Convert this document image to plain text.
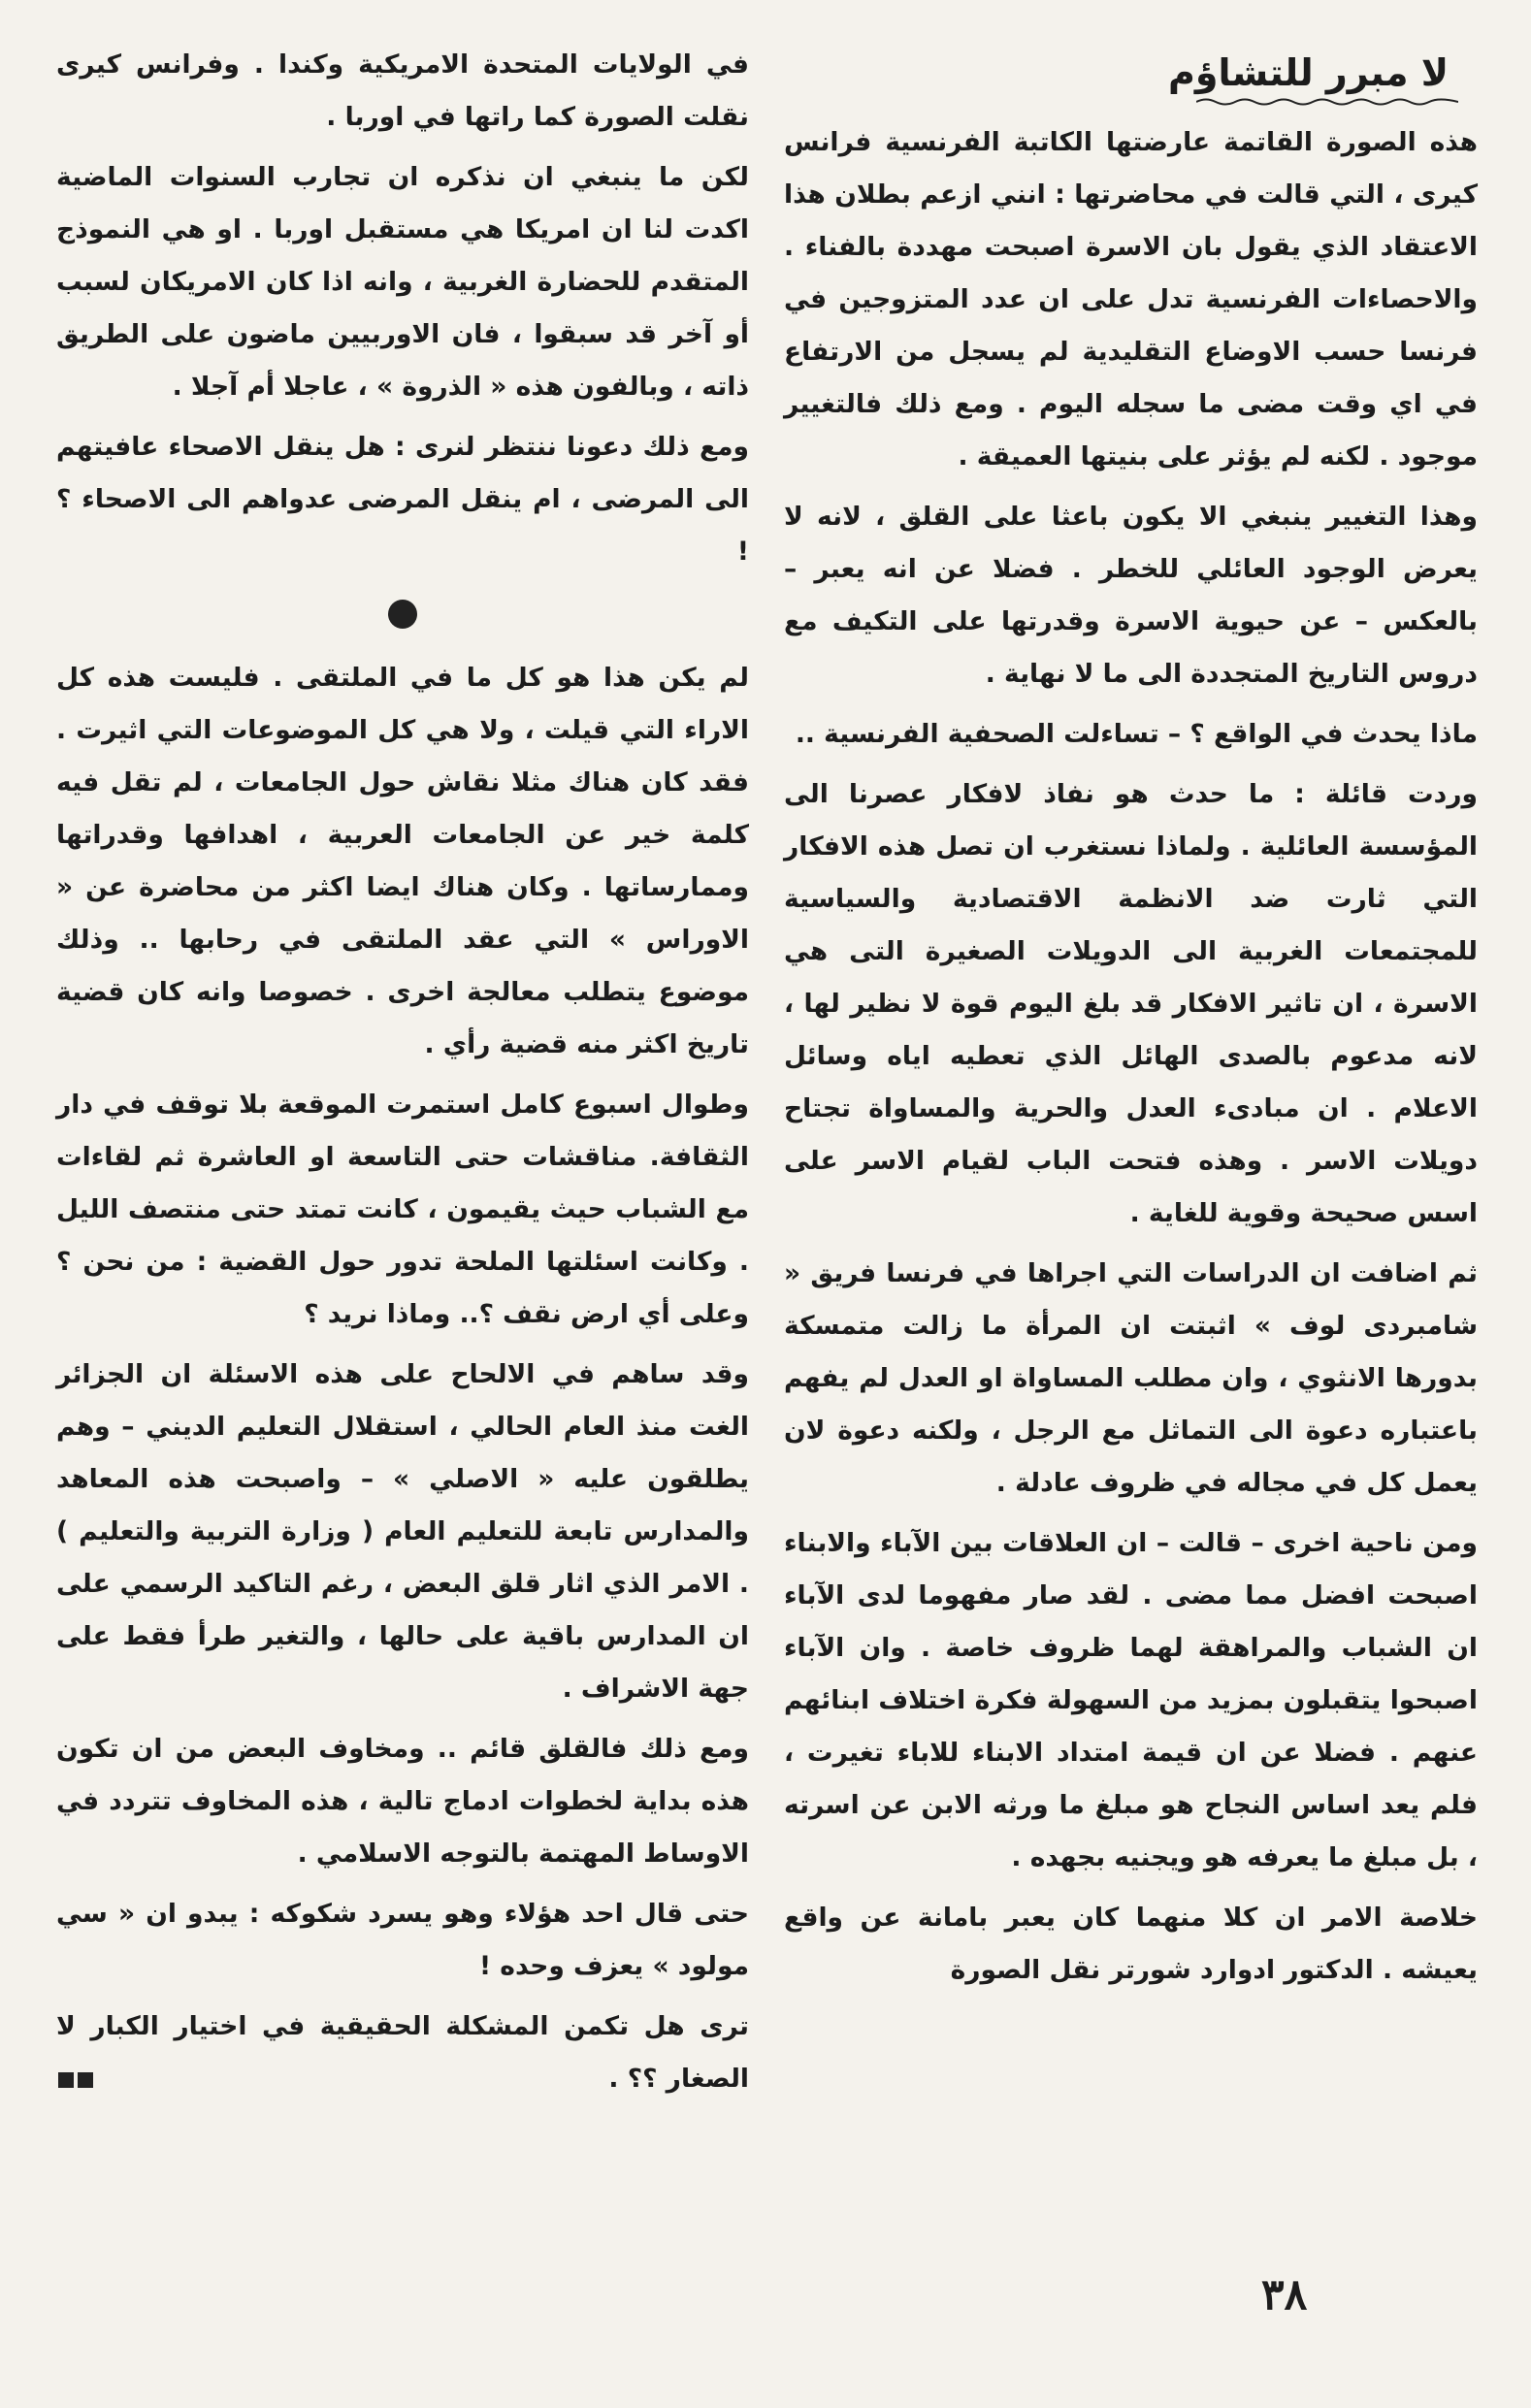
لا مبرر للتشاؤم

هذه الصورة القاتمة عارضتها الكاتبة الفرنسية فرانس كيرى ، التي قالت في محاضرتها : انني ازعم بطلان هذا الاعتقاد الذي يقول بان الاسرة اصبحت مهددة بالفناء . والاحصاءات الفرنسية تدل على ان عدد المتزوجين في فرنسا حسب الاوضاع التقليدية لم يسجل من الارتفاع في اي وقت مضى ما سجله اليوم . ومع ذلك فالتغيير موجود . لكنه لم يؤثر على بنيتها العميقة .

وهذا التغيير ينبغي الا يكون باعثا على القلق ، لانه لا يعرض الوجود العائلي للخطر . فضلا عن انه يعبر – بالعكس – عن حيوية الاسرة وقدرتها على التكيف مع دروس التاريخ المتجددة الى ما لا نهاية .

ماذا يحدث في الواقع ؟ – تساءلت الصحفية الفرنسية ..

وردت قائلة : ما حدث هو نفاذ لافكار عصرنا الى المؤسسة العائلية . ولماذا نستغرب ان تصل هذه الافكار التي ثارت ضد الانظمة الاقتصادية والسياسية للمجتمعات الغربية الى الدويلات الصغيرة التى هي الاسرة ، ان تاثير الافكار قد بلغ اليوم قوة لا نظير لها ، لانه مدعوم بالصدى الهائل الذي تعطيه اياه وسائل الاعلام . ان مبادىء العدل والحرية والمساواة تجتاح دويلات الاسر . وهذه فتحت الباب لقيام الاسر على اسس صحيحة وقوية للغاية .

ثم اضافت ان الدراسات التي اجراها في فرنسا فريق « شامبردى لوف » اثبتت ان المرأة ما زالت متمسكة بدورها الانثوي ، وان مطلب المساواة او العدل لم يفهم باعتباره دعوة الى التماثل مع الرجل ، ولكنه دعوة لان يعمل كل في مجاله في ظروف عادلة .

ومن ناحية اخرى – قالت – ان العلاقات بين الآباء والابناء اصبحت افضل مما مضى . لقد صار مفهوما لدى الآباء ان الشباب والمراهقة لهما ظروف خاصة . وان الآباء اصبحوا يتقبلون بمزيد من السهولة فكرة اختلاف ابنائهم عنهم . فضلا عن ان قيمة امتداد الابناء للاباء تغيرت ، فلم يعد اساس النجاح هو مبلغ ما ورثه الابن عن اسرته ، بل مبلغ ما يعرفه هو ويجنيه بجهده .

خلاصة الامر ان كلا منهما كان يعبر بامانة عن واقع يعيشه . الدكتور ادوارد شورتر نقل الصورة

في الولايات المتحدة الامريكية وكندا . وفرانس كيرى نقلت الصورة كما راتها في اوربا .

لكن ما ينبغي ان نذكره ان تجارب السنوات الماضية اكدت لنا ان امريكا هي مستقبل اوربا . او هي النموذج المتقدم للحضارة الغربية ، وانه اذا كان الامريكان لسبب أو آخر قد سبقوا ، فان الاوربيين ماضون على الطريق ذاته ، وبالفون هذه « الذروة » ، عاجلا أم آجلا .

ومع ذلك دعونا ننتظر لنرى : هل ينقل الاصحاء عافيتهم الى المرضى ، ام ينقل المرضى عدواهم الى الاصحاء ؟ !

لم يكن هذا هو كل ما في الملتقى . فليست هذه كل الاراء التي قيلت ، ولا هي كل الموضوعات التي اثيرت . فقد كان هناك مثلا نقاش حول الجامعات ، لم تقل فيه كلمة خير عن الجامعات العربية ، اهدافها وقدراتها وممارساتها . وكان هناك ايضا اكثر من محاضرة عن « الاوراس » التي عقد الملتقى في رحابها .. وذلك موضوع يتطلب معالجة اخرى . خصوصا وانه كان قضية تاريخ اكثر منه قضية رأي .

وطوال اسبوع كامل استمرت الموقعة بلا توقف في دار الثقافة. مناقشات حتى التاسعة او العاشرة ثم لقاءات مع الشباب حيث يقيمون ، كانت تمتد حتى منتصف الليل . وكانت اسئلتها الملحة تدور حول القضية : من نحن ؟ وعلى أي ارض نقف ؟.. وماذا نريد ؟

وقد ساهم في الالحاح على هذه الاسئلة ان الجزائر الغت منذ العام الحالي ، استقلال التعليم الديني – وهم يطلقون عليه « الاصلي » – واصبحت هذه المعاهد والمدارس تابعة للتعليم العام ( وزارة التربية والتعليم ) . الامر الذي اثار قلق البعض ، رغم التاكيد الرسمي على ان المدارس باقية على حالها ، والتغير طرأ فقط على جهة الاشراف .

ومع ذلك فالقلق قائم .. ومخاوف البعض من ان تكون هذه بداية لخطوات ادماج تالية ، هذه المخاوف تتردد في الاوساط المهتمة بالتوجه الاسلامي .

حتى قال احد هؤلاء وهو يسرد شكوكه : يبدو ان « سي مولود » يعزف وحده !

ترى هل تكمن المشكلة الحقيقية في اختيار الكبار لا الصغار ؟؟ .

٣٨
